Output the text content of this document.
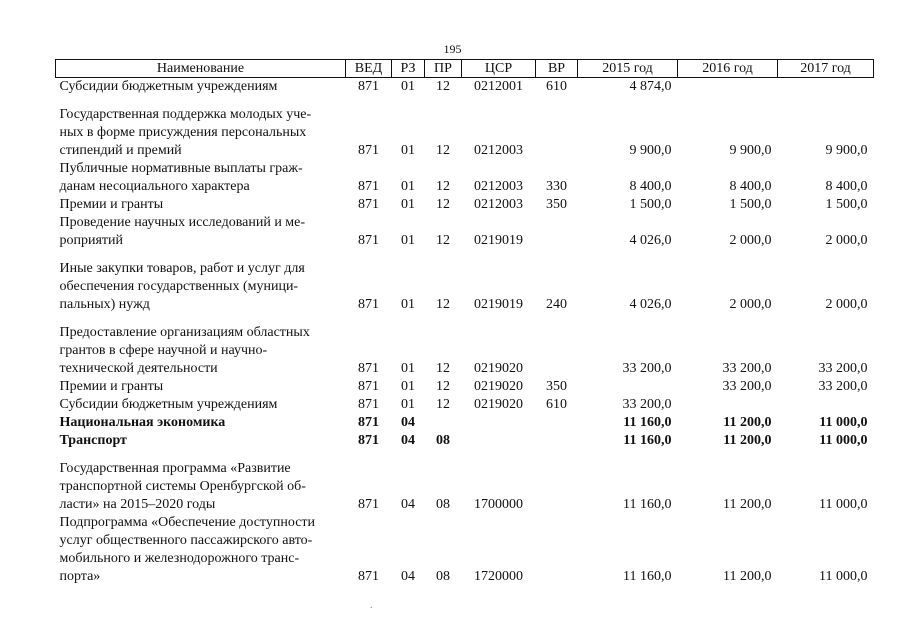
195
Наименование	ВЕД	РЗ	ПР	ЦСР	ВР	2015 год	2016 год	2017 год
Субсидии бюджетным учреждениям	871	01	12	0212001	610	4 874,0		
Государственная поддержка молодых уче-
ных в форме присуждения персональных
стипендий и премий	871	01	12	0212003		9 900,0	9 900,0	9 900,0
Публичные нормативные выплаты граж-
данам несоциального характера	871	01	12	0212003	330	8 400,0	8 400,0	8 400,0
Премии и гранты	871	01	12	0212003	350	1 500,0	1 500,0	1 500,0
Проведение научных исследований и ме-
роприятий	871	01	12	0219019		4 026,0	2 000,0	2 000,0
Иные закупки товаров, работ и услуг для
обеспечения государственных (муници-
пальных) нужд	871	01	12	0219019	240	4 026,0	2 000,0	2 000,0
Предоставление организациям областных
грантов в сфере научной и научно-
технической деятельности	871	01	12	0219020		33 200,0	33 200,0	33 200,0
Премии и гранты	871	01	12	0219020	350		33 200,0	33 200,0
Субсидии бюджетным учреждениям	871	01	12	0219020	610	33 200,0		
Национальная экономика	871	04				11 160,0	11 200,0	11 000,0
Транспорт	871	04	08			11 160,0	11 200,0	11 000,0
Государственная программа «Развитие
транспортной системы Оренбургской об-
ласти» на 2015–2020 годы	871	04	08	1700000		11 160,0	11 200,0	11 000,0
Подпрограмма «Обеспечение доступности
услуг общественного пассажирского авто-
мобильного и железнодорожного транс-
порта»	871	04	08	1720000		11 160,0	11 200,0	11 000,0
.
